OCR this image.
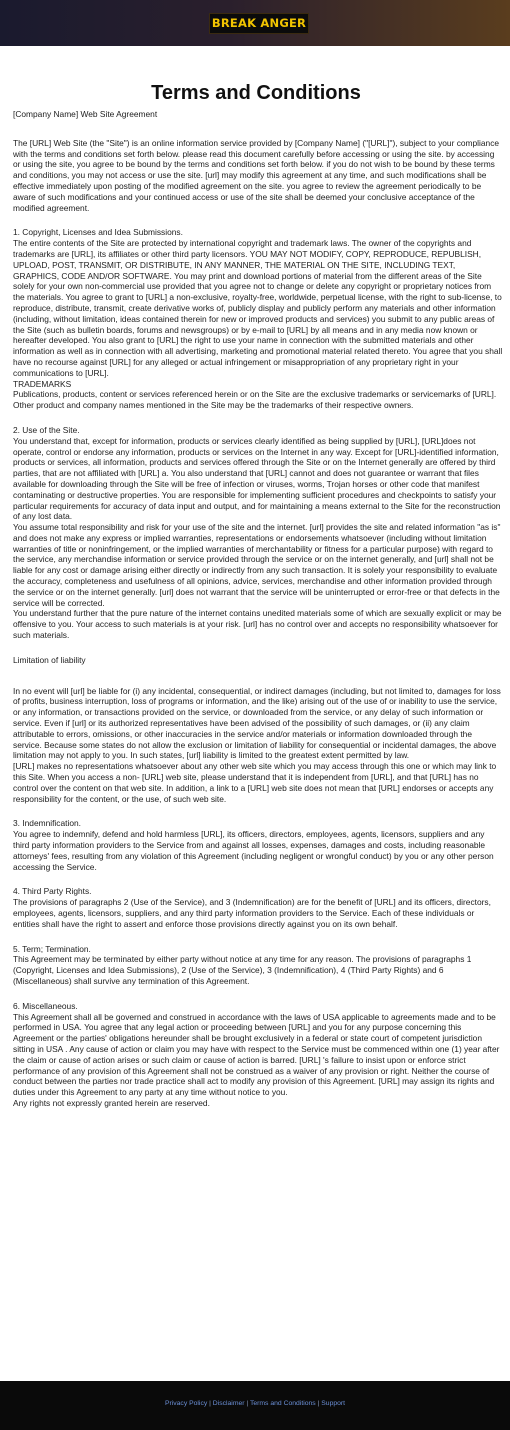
BREAK ANGER
Terms and Conditions
[Company Name] Web Site Agreement

The [URL] Web Site (the "Site") is an online information service provided by [Company Name] ("[URL]"), subject to your compliance with the terms and conditions set forth below. please read this document carefully before accessing or using the site. by accessing or using the site, you agree to be bound by the terms and conditions set forth below. if you do not wish to be bound by these terms and conditions, you may not access or use the site. [url] may modify this agreement at any time, and such modifications shall be effective immediately upon posting of the modified agreement on the site. you agree to review the agreement periodically to be aware of such modifications and your continued access or use of the site shall be deemed your conclusive acceptance of the modified agreement.

1. Copyright, Licenses and Idea Submissions.

The entire contents of the Site are protected by international copyright and trademark laws. The owner of the copyrights and trademarks are [URL], its affiliates or other third party licensors. YOU MAY NOT MODIFY, COPY, REPRODUCE, REPUBLISH, UPLOAD, POST, TRANSMIT, OR DISTRIBUTE, IN ANY MANNER, THE MATERIAL ON THE SITE, INCLUDING TEXT, GRAPHICS, CODE AND/OR SOFTWARE. You may print and download portions of material from the different areas of the Site solely for your own non-commercial use provided that you agree not to change or delete any copyright or proprietary notices from the materials. You agree to grant to [URL] a non-exclusive, royalty-free, worldwide, perpetual license, with the right to sub-license, to reproduce, distribute, transmit, create derivative works of, publicly display and publicly perform any materials and other information (including, without limitation, ideas contained therein for new or improved products and services) you submit to any public areas of the Site (such as bulletin boards, forums and newsgroups) or by e-mail to [URL] by all means and in any media now known or hereafter developed. You also grant to [URL] the right to use your name in connection with the submitted materials and other information as well as in connection with all advertising, marketing and promotional material related thereto. You agree that you shall have no recourse against [URL] for any alleged or actual infringement or misappropriation of any proprietary right in your communications to [URL].

TRADEMARKS

Publications, products, content or services referenced herein or on the Site are the exclusive trademarks or servicemarks of [URL]. Other product and company names mentioned in the Site may be the trademarks of their respective owners.

2. Use of the Site.

You understand that, except for information, products or services clearly identified as being supplied by [URL], [URL]does not operate, control or endorse any information, products or services on the Internet in any way. Except for [URL]-identified information, products or services, all information, products and services offered through the Site or on the Internet generally are offered by third parties, that are not affiliated with [URL] a. You also understand that [URL] cannot and does not guarantee or warrant that files available for downloading through the Site will be free of infection or viruses, worms, Trojan horses or other code that manifest contaminating or destructive properties. You are responsible for implementing sufficient procedures and checkpoints to satisfy your particular requirements for accuracy of data input and output, and for maintaining a means external to the Site for the reconstruction of any lost data.

You assume total responsibility and risk for your use of the site and the internet. [url] provides the site and related information "as is" and does not make any express or implied warranties, representations or endorsements whatsoever (including without limitation warranties of title or noninfringement, or the implied warranties of merchantability or fitness for a particular purpose) with regard to the service, any merchandise information or service provided through the service or on the internet generally, and [url] shall not be liable for any cost or damage arising either directly or indirectly from any such transaction. It is solely your responsibility to evaluate the accuracy, completeness and usefulness of all opinions, advice, services, merchandise and other information provided through the service or on the internet generally. [url] does not warrant that the service will be uninterrupted or error-free or that defects in the service will be corrected.

You understand further that the pure nature of the internet contains unedited materials some of which are sexually explicit or may be offensive to you. Your access to such materials is at your risk. [url] has no control over and accepts no responsibility whatsoever for such materials.

Limitation of liability

In no event will [url] be liable for (i) any incidental, consequential, or indirect damages (including, but not limited to, damages for loss of profits, business interruption, loss of programs or information, and the like) arising out of the use of or inability to use the service, or any information, or transactions provided on the service, or downloaded from the service, or any delay of such information or service. Even if [url] or its authorized representatives have been advised of the possibility of such damages, or (ii) any claim attributable to errors, omissions, or other inaccuracies in the service and/or materials or information downloaded through the service. Because some states do not allow the exclusion or limitation of liability for consequential or incidental damages, the above limitation may not apply to you. In such states, [url] liability is limited to the greatest extent permitted by law.

[URL] makes no representations whatsoever about any other web site which you may access through this one or which may link to this Site. When you access a non- [URL] web site, please understand that it is independent from [URL], and that [URL] has no control over the content on that web site. In addition, a link to a [URL] web site does not mean that [URL] endorses or accepts any responsibility for the content, or the use, of such web site.

3. Indemnification.

You agree to indemnify, defend and hold harmless [URL], its officers, directors, employees, agents, licensors, suppliers and any third party information providers to the Service from and against all losses, expenses, damages and costs, including reasonable attorneys' fees, resulting from any violation of this Agreement (including negligent or wrongful conduct) by you or any other person accessing the Service.

4. Third Party Rights.

The provisions of paragraphs 2 (Use of the Service), and 3 (Indemnification) are for the benefit of [URL] and its officers, directors, employees, agents, licensors, suppliers, and any third party information providers to the Service. Each of these individuals or entities shall have the right to assert and enforce those provisions directly against you on its own behalf.

5. Term; Termination.

This Agreement may be terminated by either party without notice at any time for any reason. The provisions of paragraphs 1 (Copyright, Licenses and Idea Submissions), 2 (Use of the Service), 3 (Indemnification), 4 (Third Party Rights) and 6 (Miscellaneous) shall survive any termination of this Agreement.

6. Miscellaneous.

This Agreement shall all be governed and construed in accordance with the laws of USA applicable to agreements made and to be performed in USA. You agree that any legal action or proceeding between [URL] and you for any purpose concerning this Agreement or the parties' obligations hereunder shall be brought exclusively in a federal or state court of competent jurisdiction sitting in USA . Any cause of action or claim you may have with respect to the Service must be commenced within one (1) year after the claim or cause of action arises or such claim or cause of action is barred. [URL] 's failure to insist upon or enforce strict performance of any provision of this Agreement shall not be construed as a waiver of any provision or right. Neither the course of conduct between the parties nor trade practice shall act to modify any provision of this Agreement. [URL] may assign its rights and duties under this Agreement to any party at any time without notice to you.

Any rights not expressly granted herein are reserved.

Privacy Policy | Disclaimer | Terms and Conditions | Support
